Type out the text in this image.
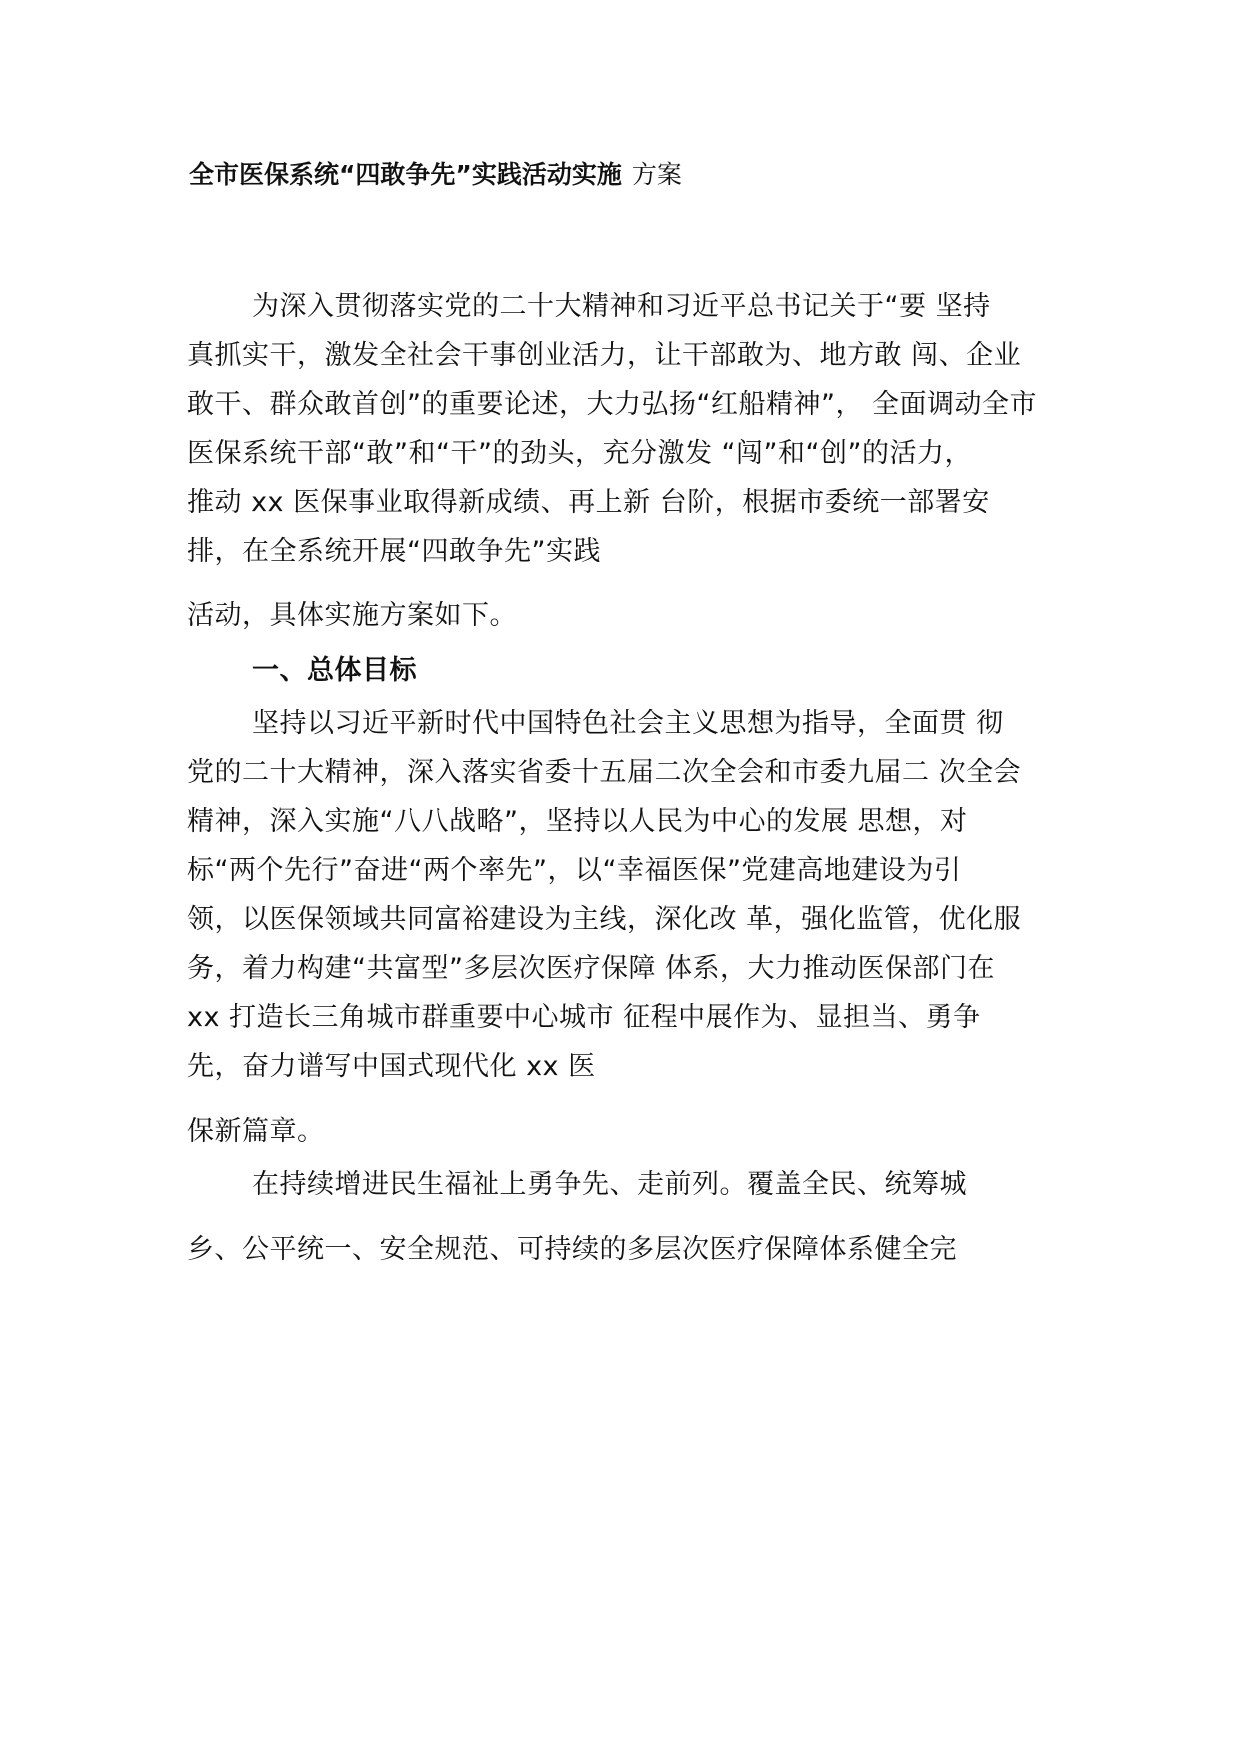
全市医保系统“四敢争先”实践活动实施 方案
为深入贯彻落实党的二十大精神和习近平总书记关于“要 坚持
真抓实干，激发全社会干事创业活力，让干部敢为、地方敢 闯、企业
敢干、群众敢首创”的重要论述，大力弘扬“红船精神”， 全面调动全市
医保系统干部“敢”和“干”的劲头，充分激发 “闯”和“创”的活力，
推动 xx 医保事业取得新成绩、再上新 台阶，根据市委统一部署安
排，在全系统开展“四敢争先”实践
活动，具体实施方案如下。
一、总体目标
坚持以习近平新时代中国特色社会主义思想为指导，全面贯 彻
党的二十大精神，深入落实省委十五届二次全会和市委九届二 次全会
精神，深入实施“八八战略”，坚持以人民为中心的发展 思想，对
标“两个先行”奋进“两个率先”，以“幸福医保”党建高地建设为引
领，以医保领域共同富裕建设为主线，深化改 革，强化监管，优化服
务，着力构建“共富型”多层次医疗保障 体系，大力推动医保部门在
xx 打造长三角城市群重要中心城市 征程中展作为、显担当、勇争
先，奋力谱写中国式现代化 xx 医
保新篇章。
在持续增进民生福祉上勇争先、走前列。覆盖全民、统筹城
乡、公平统一、安全规范、可持续的多层次医疗保障体系健全完
